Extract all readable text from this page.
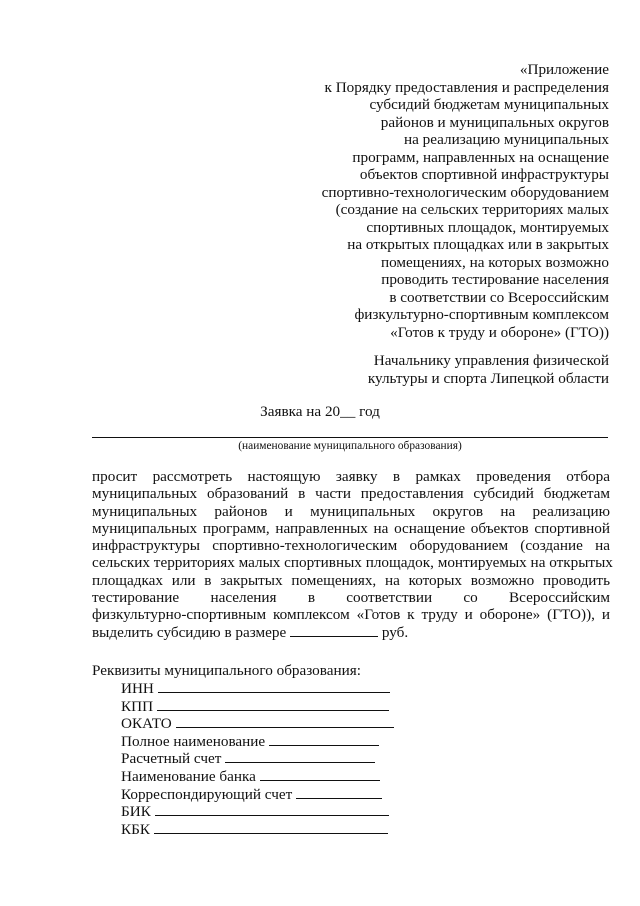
«Приложение
к Порядку предоставления и распределения
субсидий бюджетам муниципальных
районов и муниципальных округов
на реализацию муниципальных
программ, направленных на оснащение
объектов спортивной инфраструктуры
спортивно-технологическим оборудованием
(создание на сельских территориях малых
спортивных площадок, монтируемых
на открытых площадках или в закрытых
помещениях, на которых возможно
проводить тестирование населения
в соответствии со Всероссийским
физкультурно-спортивным комплексом
«Готов к труду и обороне» (ГТО))
Начальнику управления физической
культуры и спорта Липецкой области
Заявка на 20__ год
(наименование муниципального образования)
просит рассмотреть настоящую заявку в рамках проведения отбора
муниципальных образований в части предоставления субсидий бюджетам
муниципальных районов и муниципальных округов на реализацию
муниципальных программ, направленных на оснащение объектов спортивной
инфраструктуры спортивно-технологическим оборудованием (создание на
сельских территориях малых спортивных площадок, монтируемых на открытых
площадках или в закрытых помещениях, на которых возможно проводить
тестирование населения в соответствии со Всероссийским
физкультурно-спортивным комплексом «Готов к труду и обороне» (ГТО)), и
выделить субсидию в размере	руб.
Реквизиты муниципального образования:
ИНН
КПП
ОКАТО
Полное наименование
Расчетный счет
Наименование банка
Корреспондирующий счет
БИК
КБК
